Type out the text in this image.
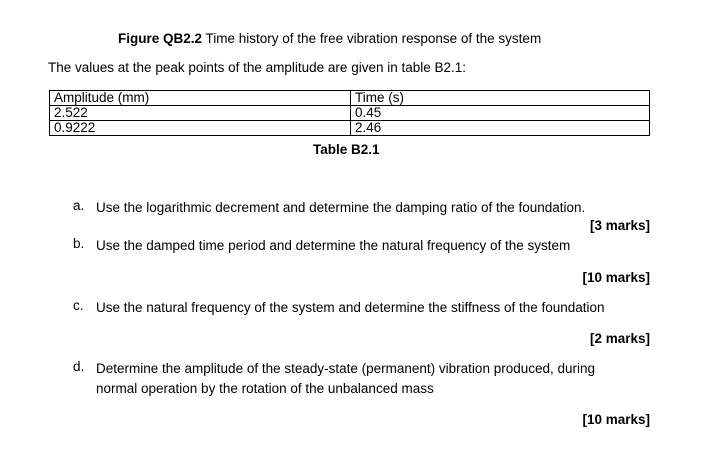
Figure QB2.2 Time history of the free vibration response of the system
The values at the peak points of the amplitude are given in table B2.1:
Amplitude (mm)	Time (s)
2.522	0.45
0.9222	2.46
Table B2.1
a. Use the logarithmic decrement and determine the damping ratio of the foundation.
[3 marks]
b. Use the damped time period and determine the natural frequency of the system
[10 marks]
c. Use the natural frequency of the system and determine the stiffness of the foundation
[2 marks]
d. Determine the amplitude of the steady-state (permanent) vibration produced, during
normal operation by the rotation of the unbalanced mass
[10 marks]
